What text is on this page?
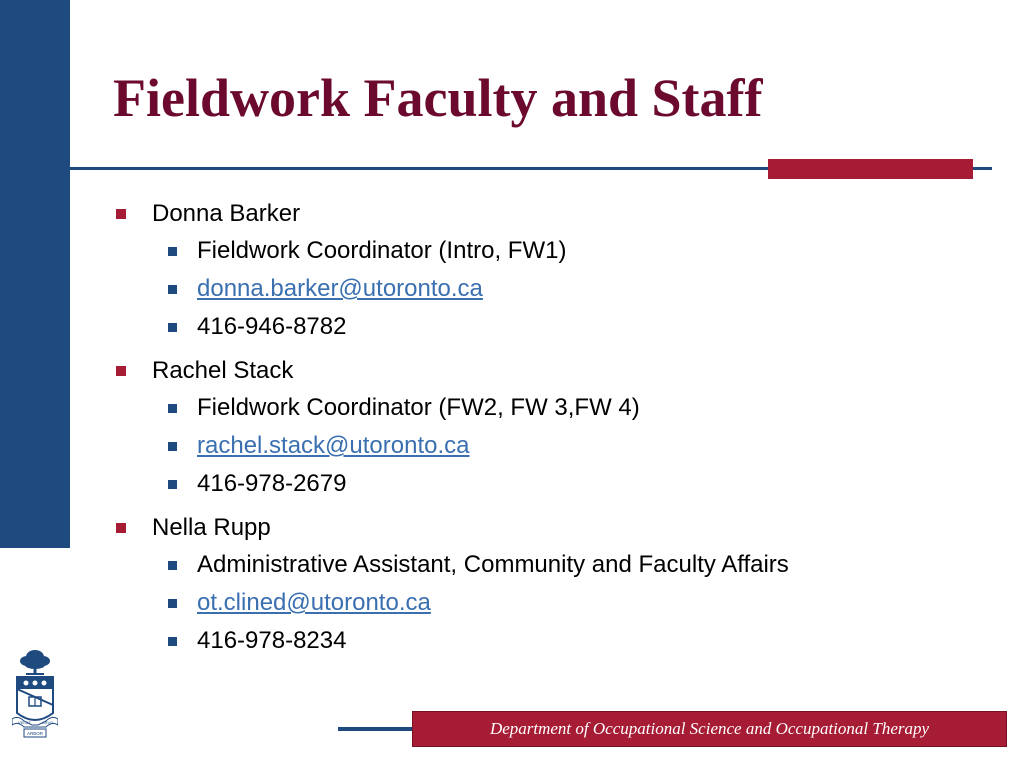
Fieldwork Faculty and Staff
Donna Barker
Fieldwork Coordinator (Intro, FW1)
donna.barker@utoronto.ca
416-946-8782
Rachel Stack
Fieldwork Coordinator (FW2, FW 3,FW 4)
rachel.stack@utoronto.ca
416-978-2679
Nella Rupp
Administrative Assistant, Community and Faculty Affairs
ot.clined@utoronto.ca
416-978-8234
VELUT	ARVO
ARBOR	Department of Occupational Science and Occupational Therapy
